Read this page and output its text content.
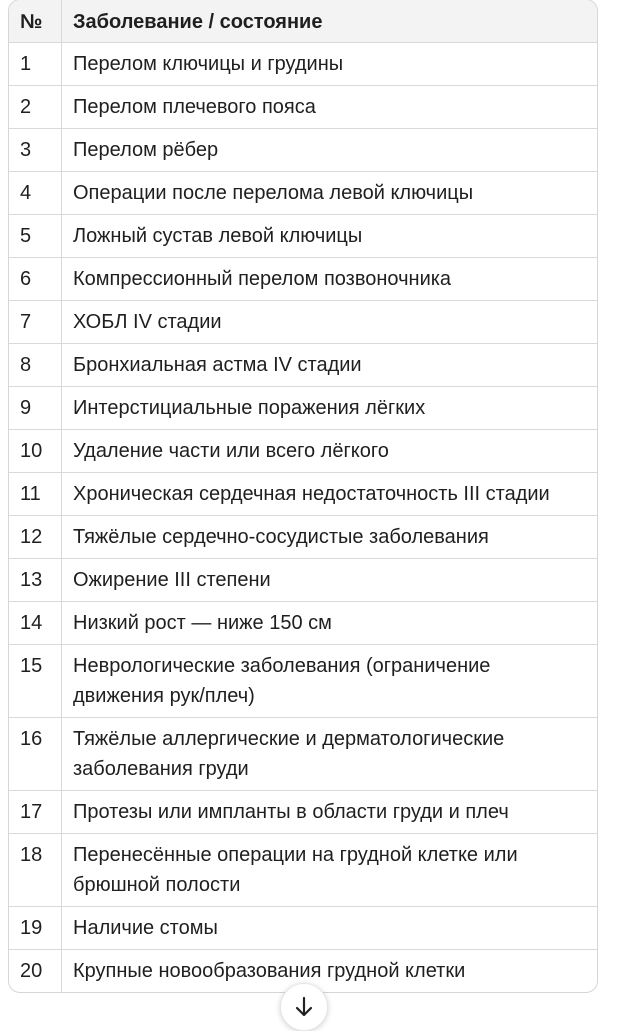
№	Заболевание / состояние
1	Перелом ключицы и грудины
2	Перелом плечевого пояса
3	Перелом рёбер
4	Операции после перелома левой ключицы
5	Ложный сустав левой ключицы
6	Компрессионный перелом позвоночника
7	ХОБЛ IV стадии
8	Бронхиальная астма IV стадии
9	Интерстициальные поражения лёгких
10	Удаление части или всего лёгкого
11	Хроническая сердечная недостаточность III стадии
12	Тяжёлые сердечно-сосудистые заболевания
13	Ожирение III степени
14	Низкий рост — ниже 150 см
15	Неврологические заболевания (ограничение движения рук/плеч)
16	Тяжёлые аллергические и дерматологические заболевания груди
17	Протезы или импланты в области груди и плеч
18	Перенесённые операции на грудной клетке или брюшной полости
19	Наличие стомы
20	Крупные новообразования грудной клетки
